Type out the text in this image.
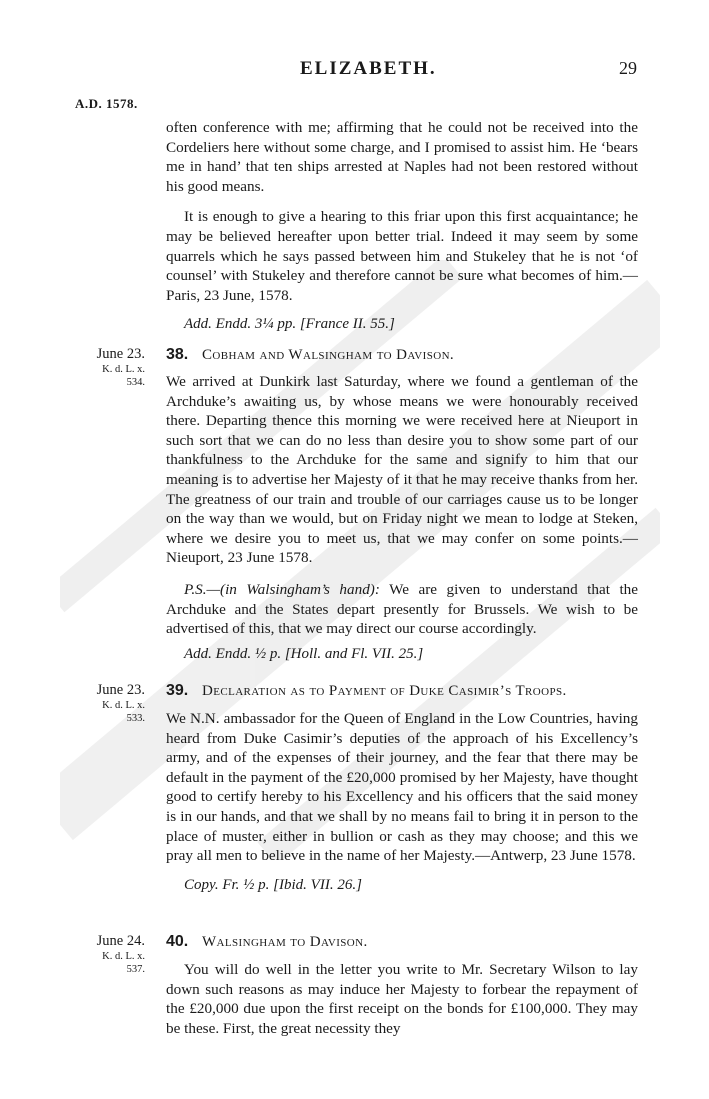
ELIZABETH.	29
A.D. 1578.

often conference with me; affirming that he could not be received into the Cordeliers here without some charge, and I promised to assist him. He ‘bears me in hand’ that ten ships arrested at Naples had not been restored without his good means.

It is enough to give a hearing to this friar upon this first acquaintance; he may be believed hereafter upon better trial. Indeed it may seem by some quarrels which he says passed between him and Stukeley that he is not ‘of counsel’ with Stukeley and therefore cannot be sure what becomes of him.—Paris, 23 June, 1578.

Add. Endd. 3¼ pp. [France II. 55.]

June 23.
K. d. L. x.
534.
38. Cobham and Walsingham to Davison.

We arrived at Dunkirk last Saturday, where we found a gentleman of the Archduke’s awaiting us, by whose means we were honourably received there. Departing thence this morning we were received here at Nieuport in such sort that we can do no less than desire you to show some part of our thankfulness to the Archduke for the same and signify to him that our meaning is to advertise her Majesty of it that he may receive thanks from her. The greatness of our train and trouble of our carriages cause us to be longer on the way than we would, but on Friday night we mean to lodge at Steken, where we desire you to meet us, that we may confer on some points.—Nieuport, 23 June 1578.

P.S.—(in Walsingham’s hand): We are given to understand that the Archduke and the States depart presently for Brussels. We wish to be advertised of this, that we may direct our course accordingly.

Add. Endd. ½ p. [Holl. and Fl. VII. 25.]

June 23.
K. d. L. x.
533.
39. Declaration as to Payment of Duke Casimir’s Troops.

We N.N. ambassador for the Queen of England in the Low Countries, having heard from Duke Casimir’s deputies of the approach of his Excellency’s army, and of the expenses of their journey, and the fear that there may be default in the payment of the £20,000 promised by her Majesty, have thought good to certify hereby to his Excellency and his officers that the said money is in our hands, and that we shall by no means fail to bring it in person to the place of muster, either in bullion or cash as they may choose; and this we pray all men to believe in the name of her Majesty.—Antwerp, 23 June 1578.

Copy. Fr. ½ p. [Ibid. VII. 26.]

June 24.
K. d. L. x.
537.
40. Walsingham to Davison.

You will do well in the letter you write to Mr. Secretary Wilson to lay down such reasons as may induce her Majesty to forbear the repayment of the £20,000 due upon the first receipt on the bonds for £100,000. They may be these. First, the great necessity they
